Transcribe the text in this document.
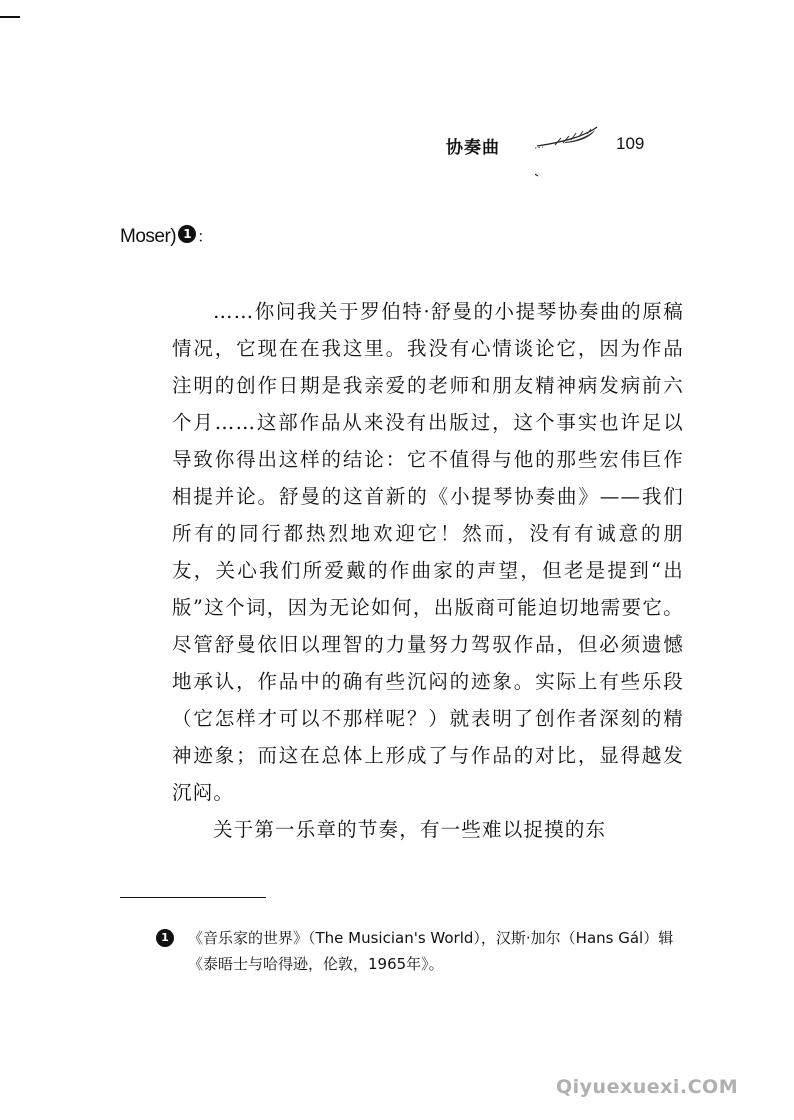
协奏曲	109
Moser) 1 ：

……你问我关于罗伯特·舒曼的小提琴协奏曲的原稿情况，它现在在我这里。我没有心情谈论它，因为作品注明的创作日期是我亲爱的老师和朋友精神病发病前六个月……这部作品从来没有出版过，这个事实也许足以导致你得出这样的结论：它不值得与他的那些宏伟巨作相提并论。舒曼的这首新的《小提琴协奏曲》——我们所有的同行都热烈地欢迎它！然而，没有有诚意的朋友，关心我们所爱戴的作曲家的声望，但老是提到“出版”这个词，因为无论如何，出版商可能迫切地需要它。尽管舒曼依旧以理智的力量努力驾驭作品，但必须遗憾地承认，作品中的确有些沉闷的迹象。实际上有些乐段（它怎样才可以不那样呢？）就表明了创作者深刻的精神迹象；而这在总体上形成了与作品的对比，显得越发沉闷。

关于第一乐章的节奏，有一些难以捉摸的东

1	《音乐家的世界》（The Musician's World），汉斯·加尔（Hans Gál）辑《泰晤士与哈得逊，伦敦，1965年》。
Qiyuexuexi.COM
